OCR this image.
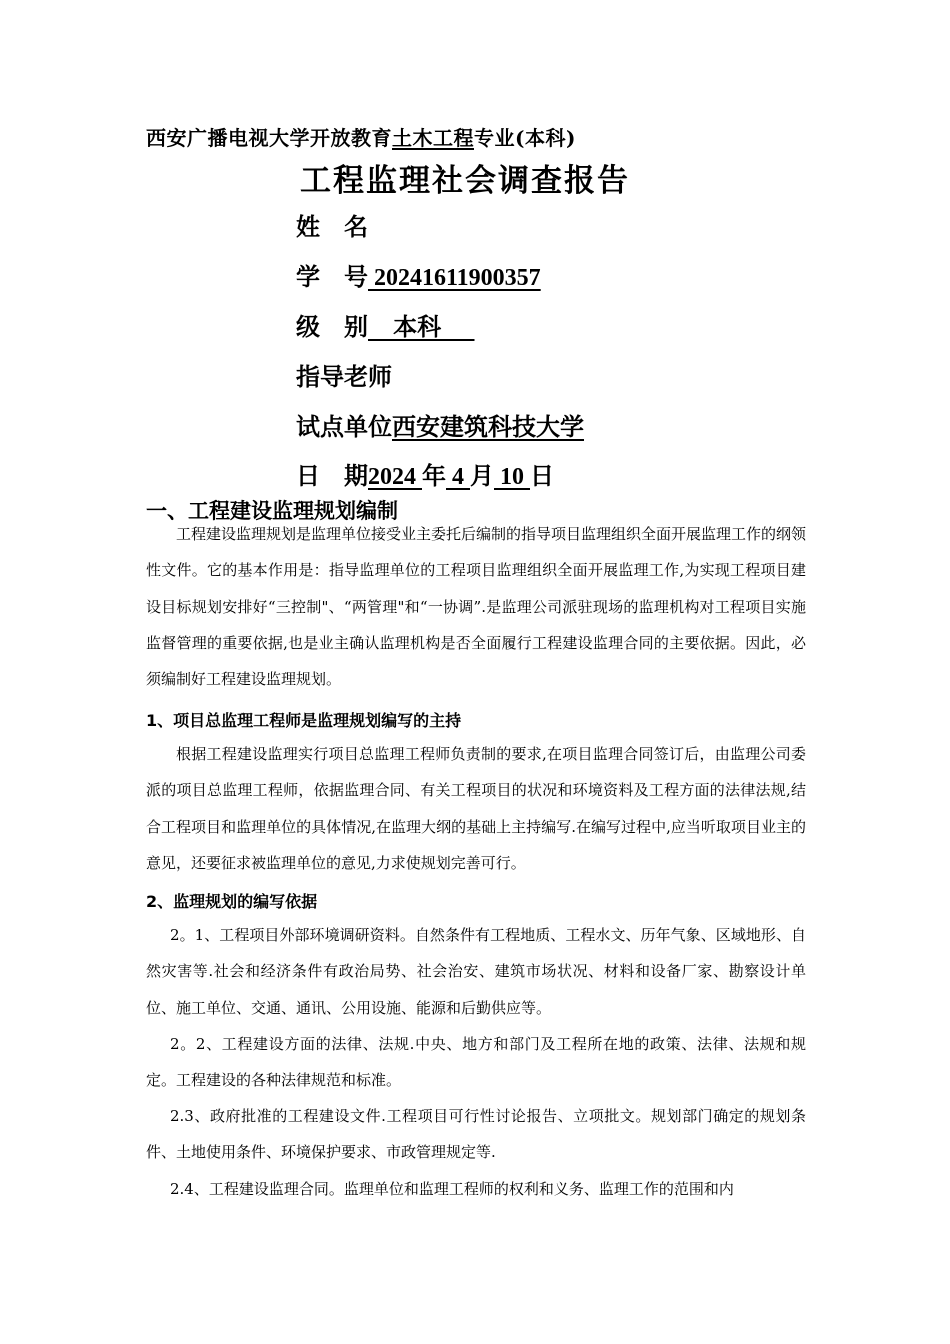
西安广播电视大学开放教育土木工程专业(本科)
工程监理社会调查报告
姓　名
学　号 20241611900357
级　别   本科
指导老师
试点单位西安建筑科技大学
日　期2024 年 4 月 10 日
一、工程建设监理规划编制
工程建设监理规划是监理单位接受业主委托后编制的指导项目监理组织全面开展监理工作的纲领性文件。它的基本作用是：指导监理单位的工程项目监理组织全面开展监理工作,为实现工程项目建设目标规划安排好“三控制"、“两管理"和“一协调”.是监理公司派驻现场的监理机构对工程项目实施监督管理的重要依据,也是业主确认监理机构是否全面履行工程建设监理合同的主要依据。因此，必须编制好工程建设监理规划。
1、项目总监理工程师是监理规划编写的主持
根据工程建设监理实行项目总监理工程师负责制的要求,在项目监理合同签订后，由监理公司委派的项目总监理工程师，依据监理合同、有关工程项目的状况和环境资料及工程方面的法律法规,结合工程项目和监理单位的具体情况,在监理大纲的基础上主持编写.在编写过程中,应当听取项目业主的意见，还要征求被监理单位的意见,力求使规划完善可行。
2、监理规划的编写依据
2。1、工程项目外部环境调研资料。自然条件有工程地质、工程水文、历年气象、区域地形、自然灾害等.社会和经济条件有政治局势、社会治安、建筑市场状况、材料和设备厂家、勘察设计单位、施工单位、交通、通讯、公用设施、能源和后勤供应等。
2。2、工程建设方面的法律、法规.中央、地方和部门及工程所在地的政策、法律、法规和规定。工程建设的各种法律规范和标准。
2.3、政府批准的工程建设文件.工程项目可行性讨论报告、立项批文。规划部门确定的规划条件、土地使用条件、环境保护要求、市政管理规定等.
2.4、工程建设监理合同。监理单位和监理工程师的权利和义务、监理工作的范围和内
